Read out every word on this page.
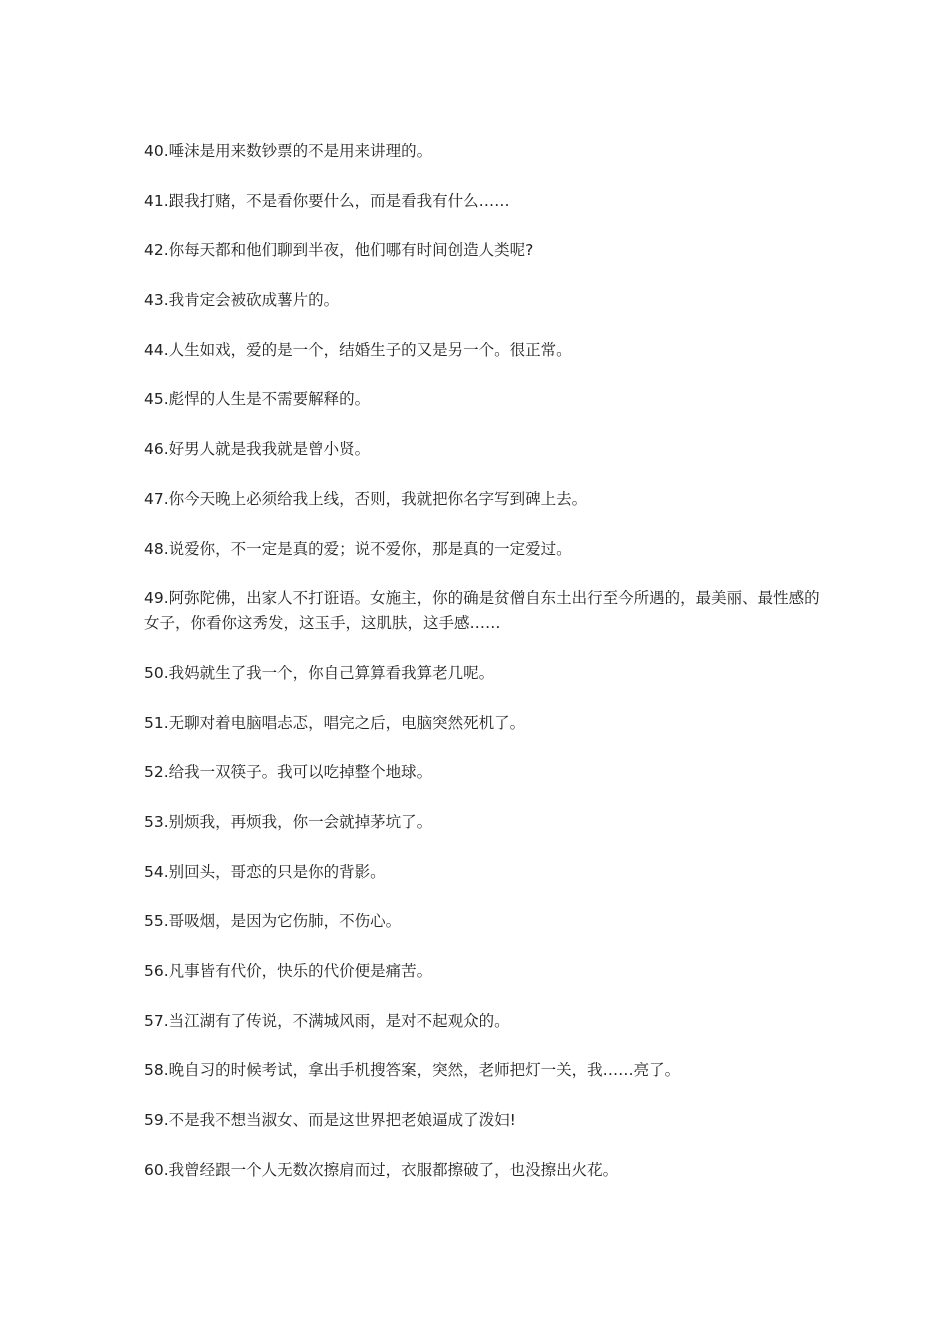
40.唾沫是用来数钞票的不是用来讲理的。

41.跟我打赌，不是看你要什么，而是看我有什么……

42.你每天都和他们聊到半夜，他们哪有时间创造人类呢?

43.我肯定会被砍成薯片的。

44.人生如戏，爱的是一个，结婚生子的又是另一个。很正常。

45.彪悍的人生是不需要解释的。

46.好男人就是我我就是曾小贤。

47.你今天晚上必须给我上线，否则，我就把你名字写到碑上去。

48.说爱你，不一定是真的爱；说不爱你，那是真的一定爱过。

49.阿弥陀佛，出家人不打诳语。女施主，你的确是贫僧自东土出行至今所遇的，最美丽、最性感的女子，你看你这秀发，这玉手，这肌肤，这手感……

50.我妈就生了我一个，你自己算算看我算老几呢。

51.无聊对着电脑唱忐忑，唱完之后，电脑突然死机了。

52.给我一双筷子。我可以吃掉整个地球。

53.别烦我，再烦我，你一会就掉茅坑了。

54.别回头，哥恋的只是你的背影。

55.哥吸烟，是因为它伤肺，不伤心。

56.凡事皆有代价，快乐的代价便是痛苦。

57.当江湖有了传说，不满城风雨，是对不起观众的。

58.晚自习的时候考试，拿出手机搜答案，突然，老师把灯一关，我……亮了。

59.不是我不想当淑女、而是这世界把老娘逼成了泼妇!

60.我曾经跟一个人无数次擦肩而过，衣服都擦破了，也没擦出火花。
